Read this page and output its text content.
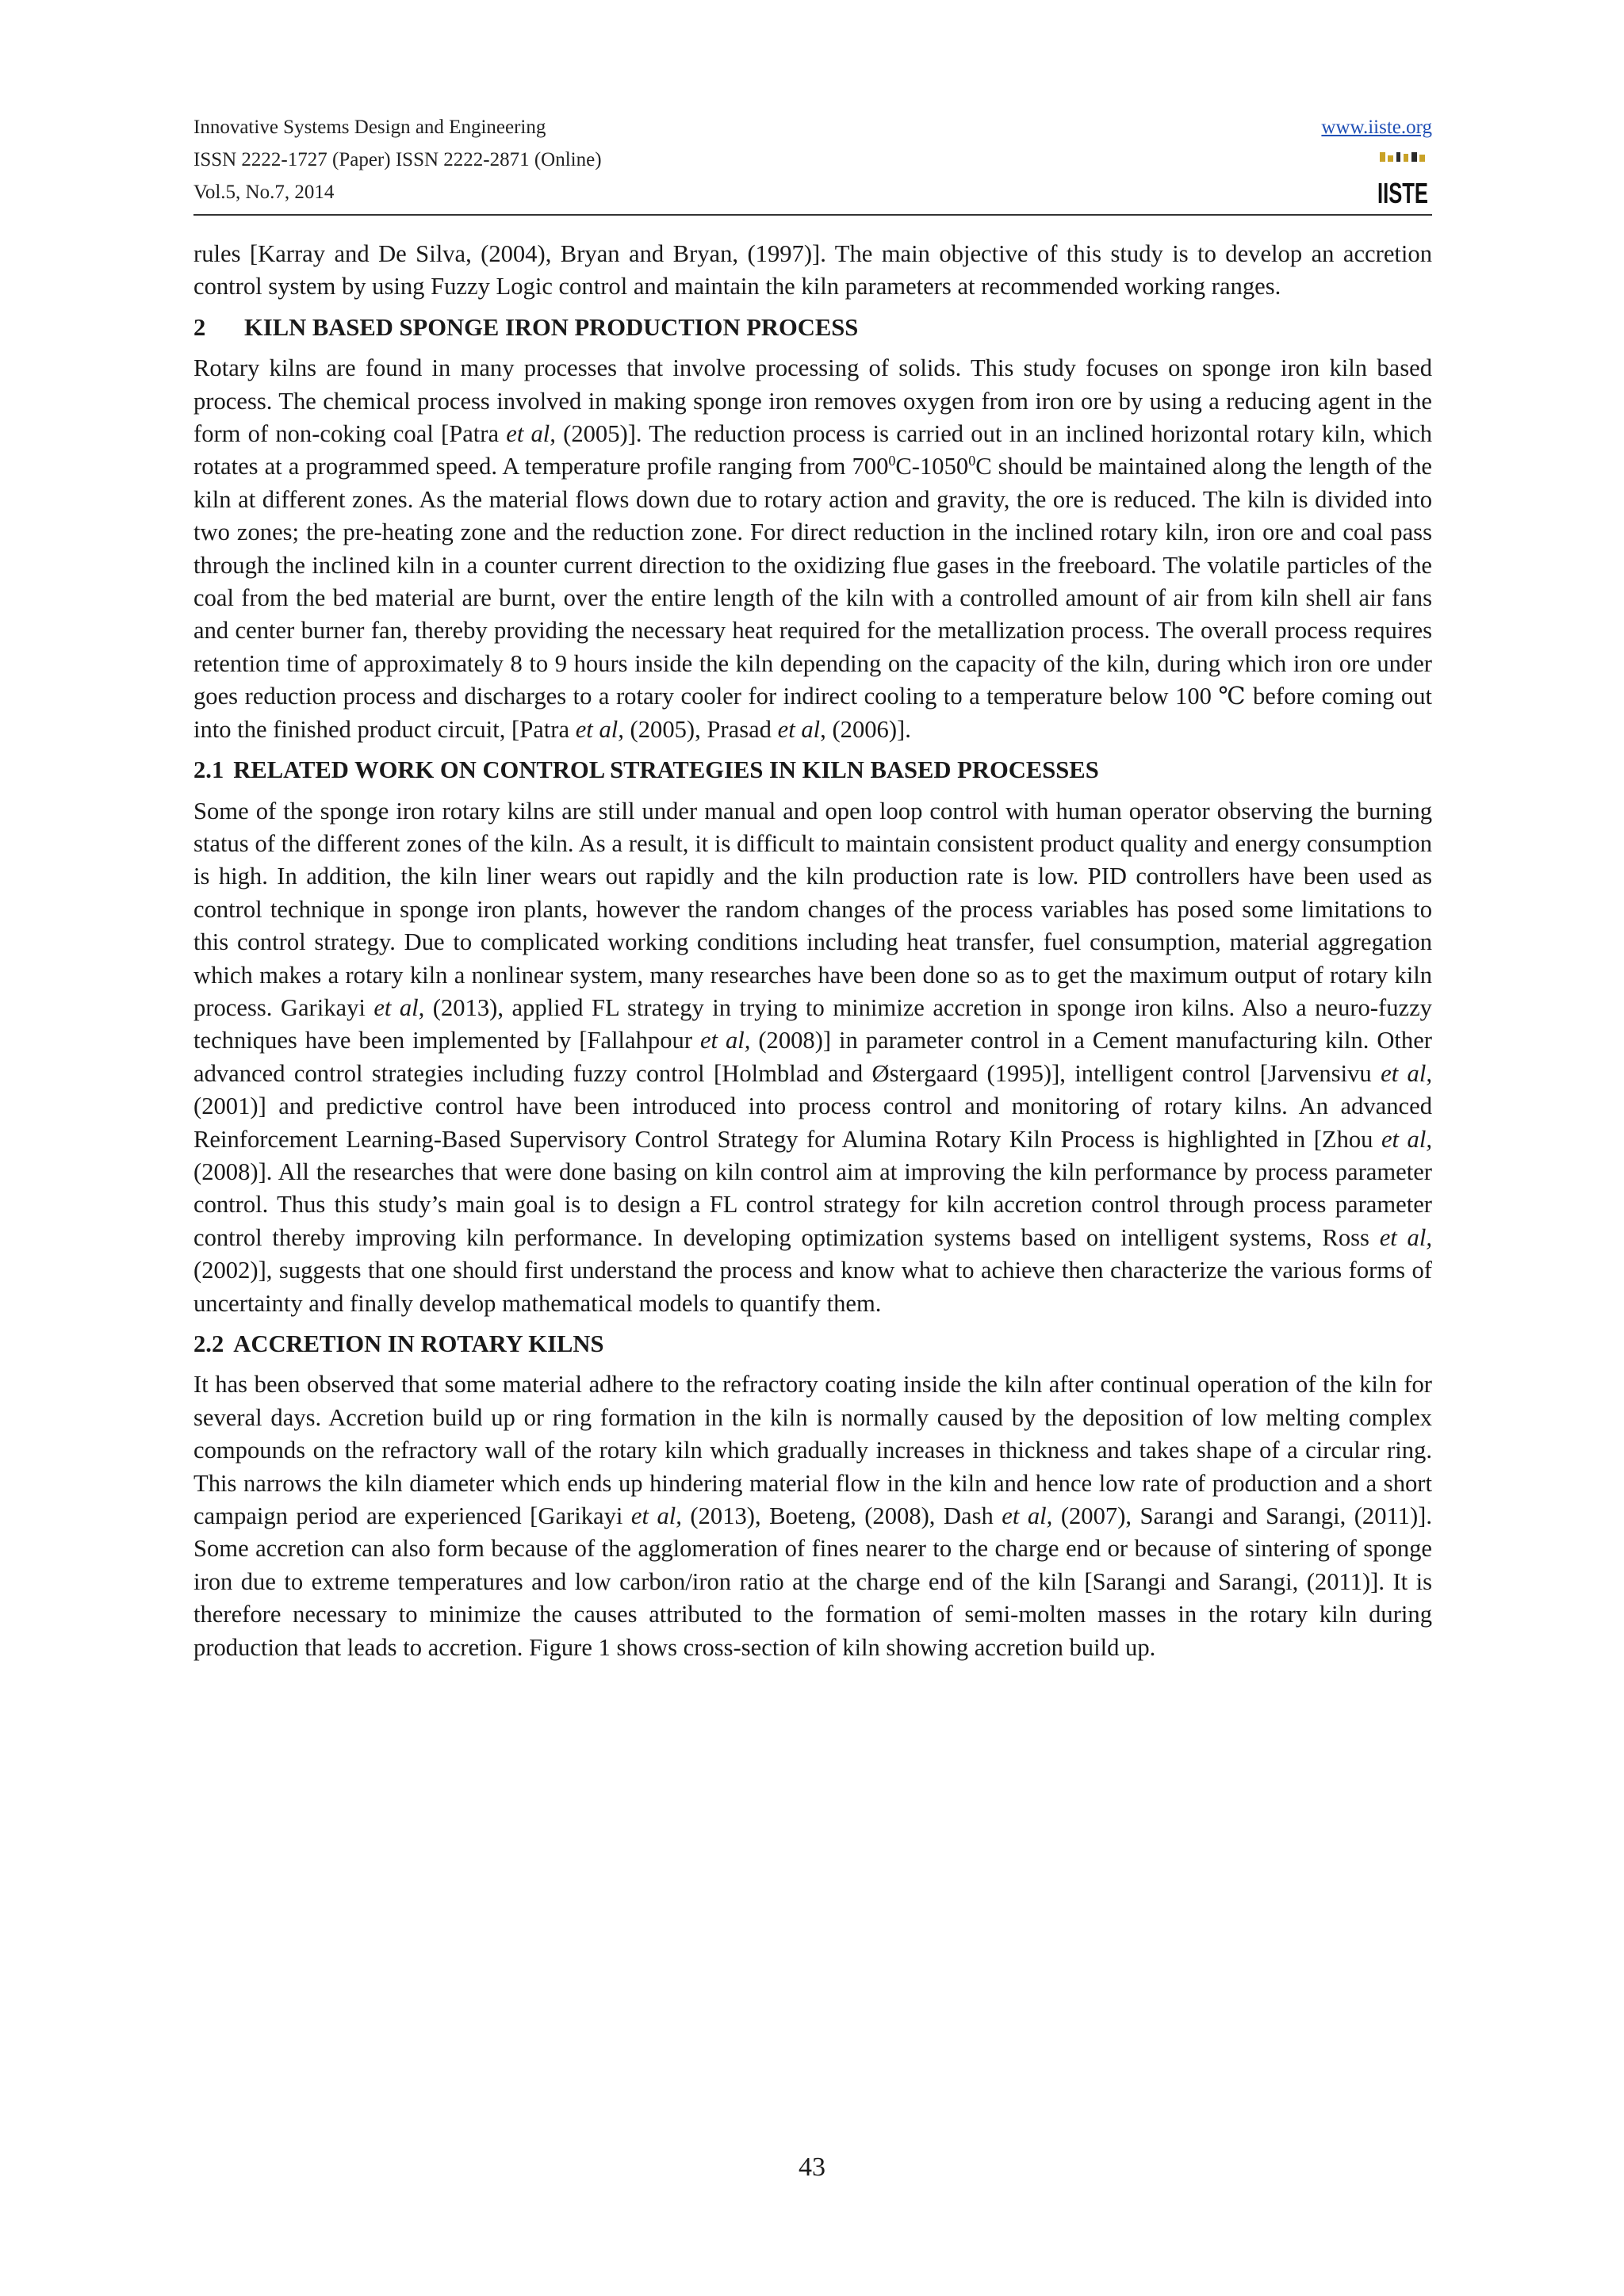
Innovative Systems Design and Engineering
ISSN 2222-1727 (Paper) ISSN 2222-2871 (Online)
Vol.5, No.7, 2014
www.iiste.org
IISTE

rules [Karray and De Silva, (2004), Bryan and Bryan, (1997)]. The main objective of this study is to develop an accretion control system by using Fuzzy Logic control and maintain the kiln parameters at recommended working ranges.

2 KILN BASED SPONGE IRON PRODUCTION PROCESS

Rotary kilns are found in many processes that involve processing of solids. This study focuses on sponge iron kiln based process. The chemical process involved in making sponge iron removes oxygen from iron ore by using a reducing agent in the form of non-coking coal [Patra et al, (2005)]. The reduction process is carried out in an inclined horizontal rotary kiln, which rotates at a programmed speed. A temperature profile ranging from $700^0C-1050^0C$ should be maintained along the length of the kiln at different zones. As the material flows down due to rotary action and gravity, the ore is reduced. The kiln is divided into two zones; the pre-heating zone and the reduction zone. For direct reduction in the inclined rotary kiln, iron ore and coal pass through the inclined kiln in a counter current direction to the oxidizing flue gases in the freeboard. The volatile particles of the coal from the bed material are burnt, over the entire length of the kiln with a controlled amount of air from kiln shell air fans and center burner fan, thereby providing the necessary heat required for the metallization process. The overall process requires retention time of approximately 8 to 9 hours inside the kiln depending on the capacity of the kiln, during which iron ore under goes reduction process and discharges to a rotary cooler for indirect cooling to a temperature below 100 ℃ before coming out into the finished product circuit, [Patra et al, (2005), Prasad et al, (2006)].

2.1 RELATED WORK ON CONTROL STRATEGIES IN KILN BASED PROCESSES

Some of the sponge iron rotary kilns are still under manual and open loop control with human operator observing the burning status of the different zones of the kiln. As a result, it is difficult to maintain consistent product quality and energy consumption is high. In addition, the kiln liner wears out rapidly and the kiln production rate is low. PID controllers have been used as control technique in sponge iron plants, however the random changes of the process variables has posed some limitations to this control strategy. Due to complicated working conditions including heat transfer, fuel consumption, material aggregation which makes a rotary kiln a nonlinear system, many researches have been done so as to get the maximum output of rotary kiln process. Garikayi et al, (2013), applied FL strategy in trying to minimize accretion in sponge iron kilns. Also a neuro-fuzzy techniques have been implemented by [Fallahpour et al, (2008)] in parameter control in a Cement manufacturing kiln. Other advanced control strategies including fuzzy control [Holmblad and Østergaard (1995)], intelligent control [Jarvensivu et al, (2001)] and predictive control have been introduced into process control and monitoring of rotary kilns. An advanced Reinforcement Learning-Based Supervisory Control Strategy for Alumina Rotary Kiln Process is highlighted in [Zhou et al, (2008)]. All the researches that were done basing on kiln control aim at improving the kiln performance by process parameter control. Thus this study’s main goal is to design a FL control strategy for kiln accretion control through process parameter control thereby improving kiln performance. In developing optimization systems based on intelligent systems, Ross et al, (2002)], suggests that one should first understand the process and know what to achieve then characterize the various forms of uncertainty and finally develop mathematical models to quantify them.

2.2 ACCRETION IN ROTARY KILNS

It has been observed that some material adhere to the refractory coating inside the kiln after continual operation of the kiln for several days. Accretion build up or ring formation in the kiln is normally caused by the deposition of low melting complex compounds on the refractory wall of the rotary kiln which gradually increases in thickness and takes shape of a circular ring. This narrows the kiln diameter which ends up hindering material flow in the kiln and hence low rate of production and a short campaign period are experienced [Garikayi et al, (2013), Boeteng, (2008), Dash et al, (2007), Sarangi and Sarangi, (2011)]. Some accretion can also form because of the agglomeration of fines nearer to the charge end or because of sintering of sponge iron due to extreme temperatures and low carbon/iron ratio at the charge end of the kiln [Sarangi and Sarangi, (2011)]. It is therefore necessary to minimize the causes attributed to the formation of semi-molten masses in the rotary kiln during production that leads to accretion. Figure 1 shows cross-section of kiln showing accretion build up.

43
